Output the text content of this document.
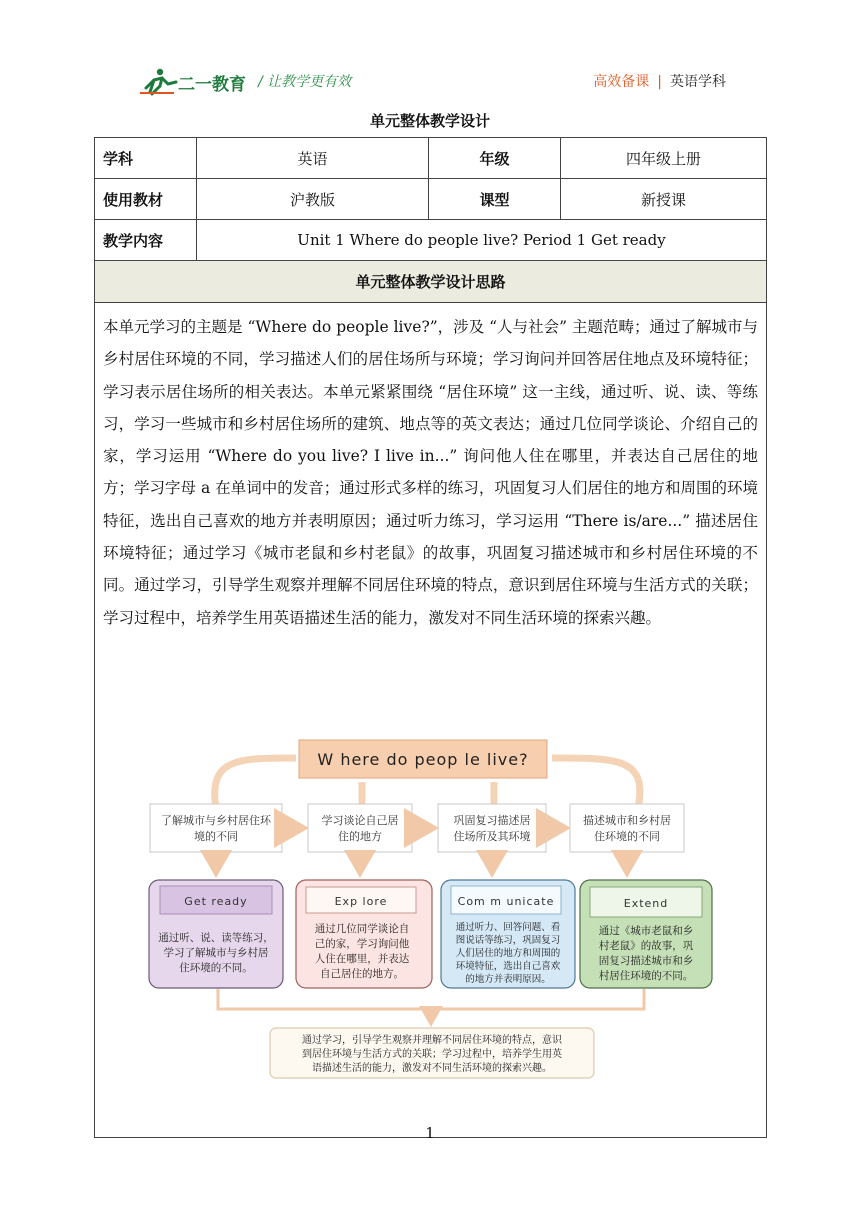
二一教育 / 让教学更有效	高效备课 | 英语学科
单元整体教学设计
学科	英语	年级	四年级上册
使用教材	沪教版	课型	新授课
教学内容	Unit 1 Where do people live? Period 1 Get ready		
单元整体教学设计思路			

本单元学习的主题是 “Where do people live?”，涉及 “人与社会” 主题范畴；通过了解城市与乡村居住环境的不同，学习描述人们的居住场所与环境；学习询问并回答居住地点及环境特征；学习表示居住场所的相关表达。本单元紧紧围绕 “居住环境” 这一主线，通过听、说、读、等练习，学习一些城市和乡村居住场所的建筑、地点等的英文表达；通过几位同学谈论、介绍自己的家，学习运用 “Where do you live? I live in...” 询问他人住在哪里，并表达自己居住的地方；学习字母 a 在单词中的发音；通过形式多样的练习，巩固复习人们居住的地方和周围的环境特征，选出自己喜欢的地方并表明原因；通过听力练习，学习运用 “There is/are...” 描述居住环境特征；通过学习《城市老鼠和乡村老鼠》的故事，巩固复习描述城市和乡村居住环境的不同。通过学习，引导学生观察并理解不同居住环境的特点，意识到居住环境与生活方式的关联；学习过程中，培养学生用英语描述生活的能力，激发对不同生活环境的探索兴趣。			

W here do peop le live?
了解城市与乡村居住环
境的不同
学习谈论自己居
住的地方
巩固复习描述居
住场所及其环境
描述城市和乡村居
住环境的不同
Get ready
通过听、说、读等练习，
学习了解城市与乡村居
住环境的不同。
Exp lore
通过几位同学谈论自
己的家，学习询问他
人住在哪里，并表达
自己居住的地方。
Com m unicate
通过听力、回答问题、看
图说话等练习，巩固复习
人们居住的地方和周围的
环境特征，选出自己喜欢
的地方并表明原因。
Extend
通过《城市老鼠和乡
村老鼠》的故事，巩
固复习描述城市和乡
村居住环境的不同。
通过学习，引导学生观察并理解不同居住环境的特点，意识
到居住环境与生活方式的关联；学习过程中，培养学生用英
语描述生活的能力，激发对不同生活环境的探索兴趣。
1
